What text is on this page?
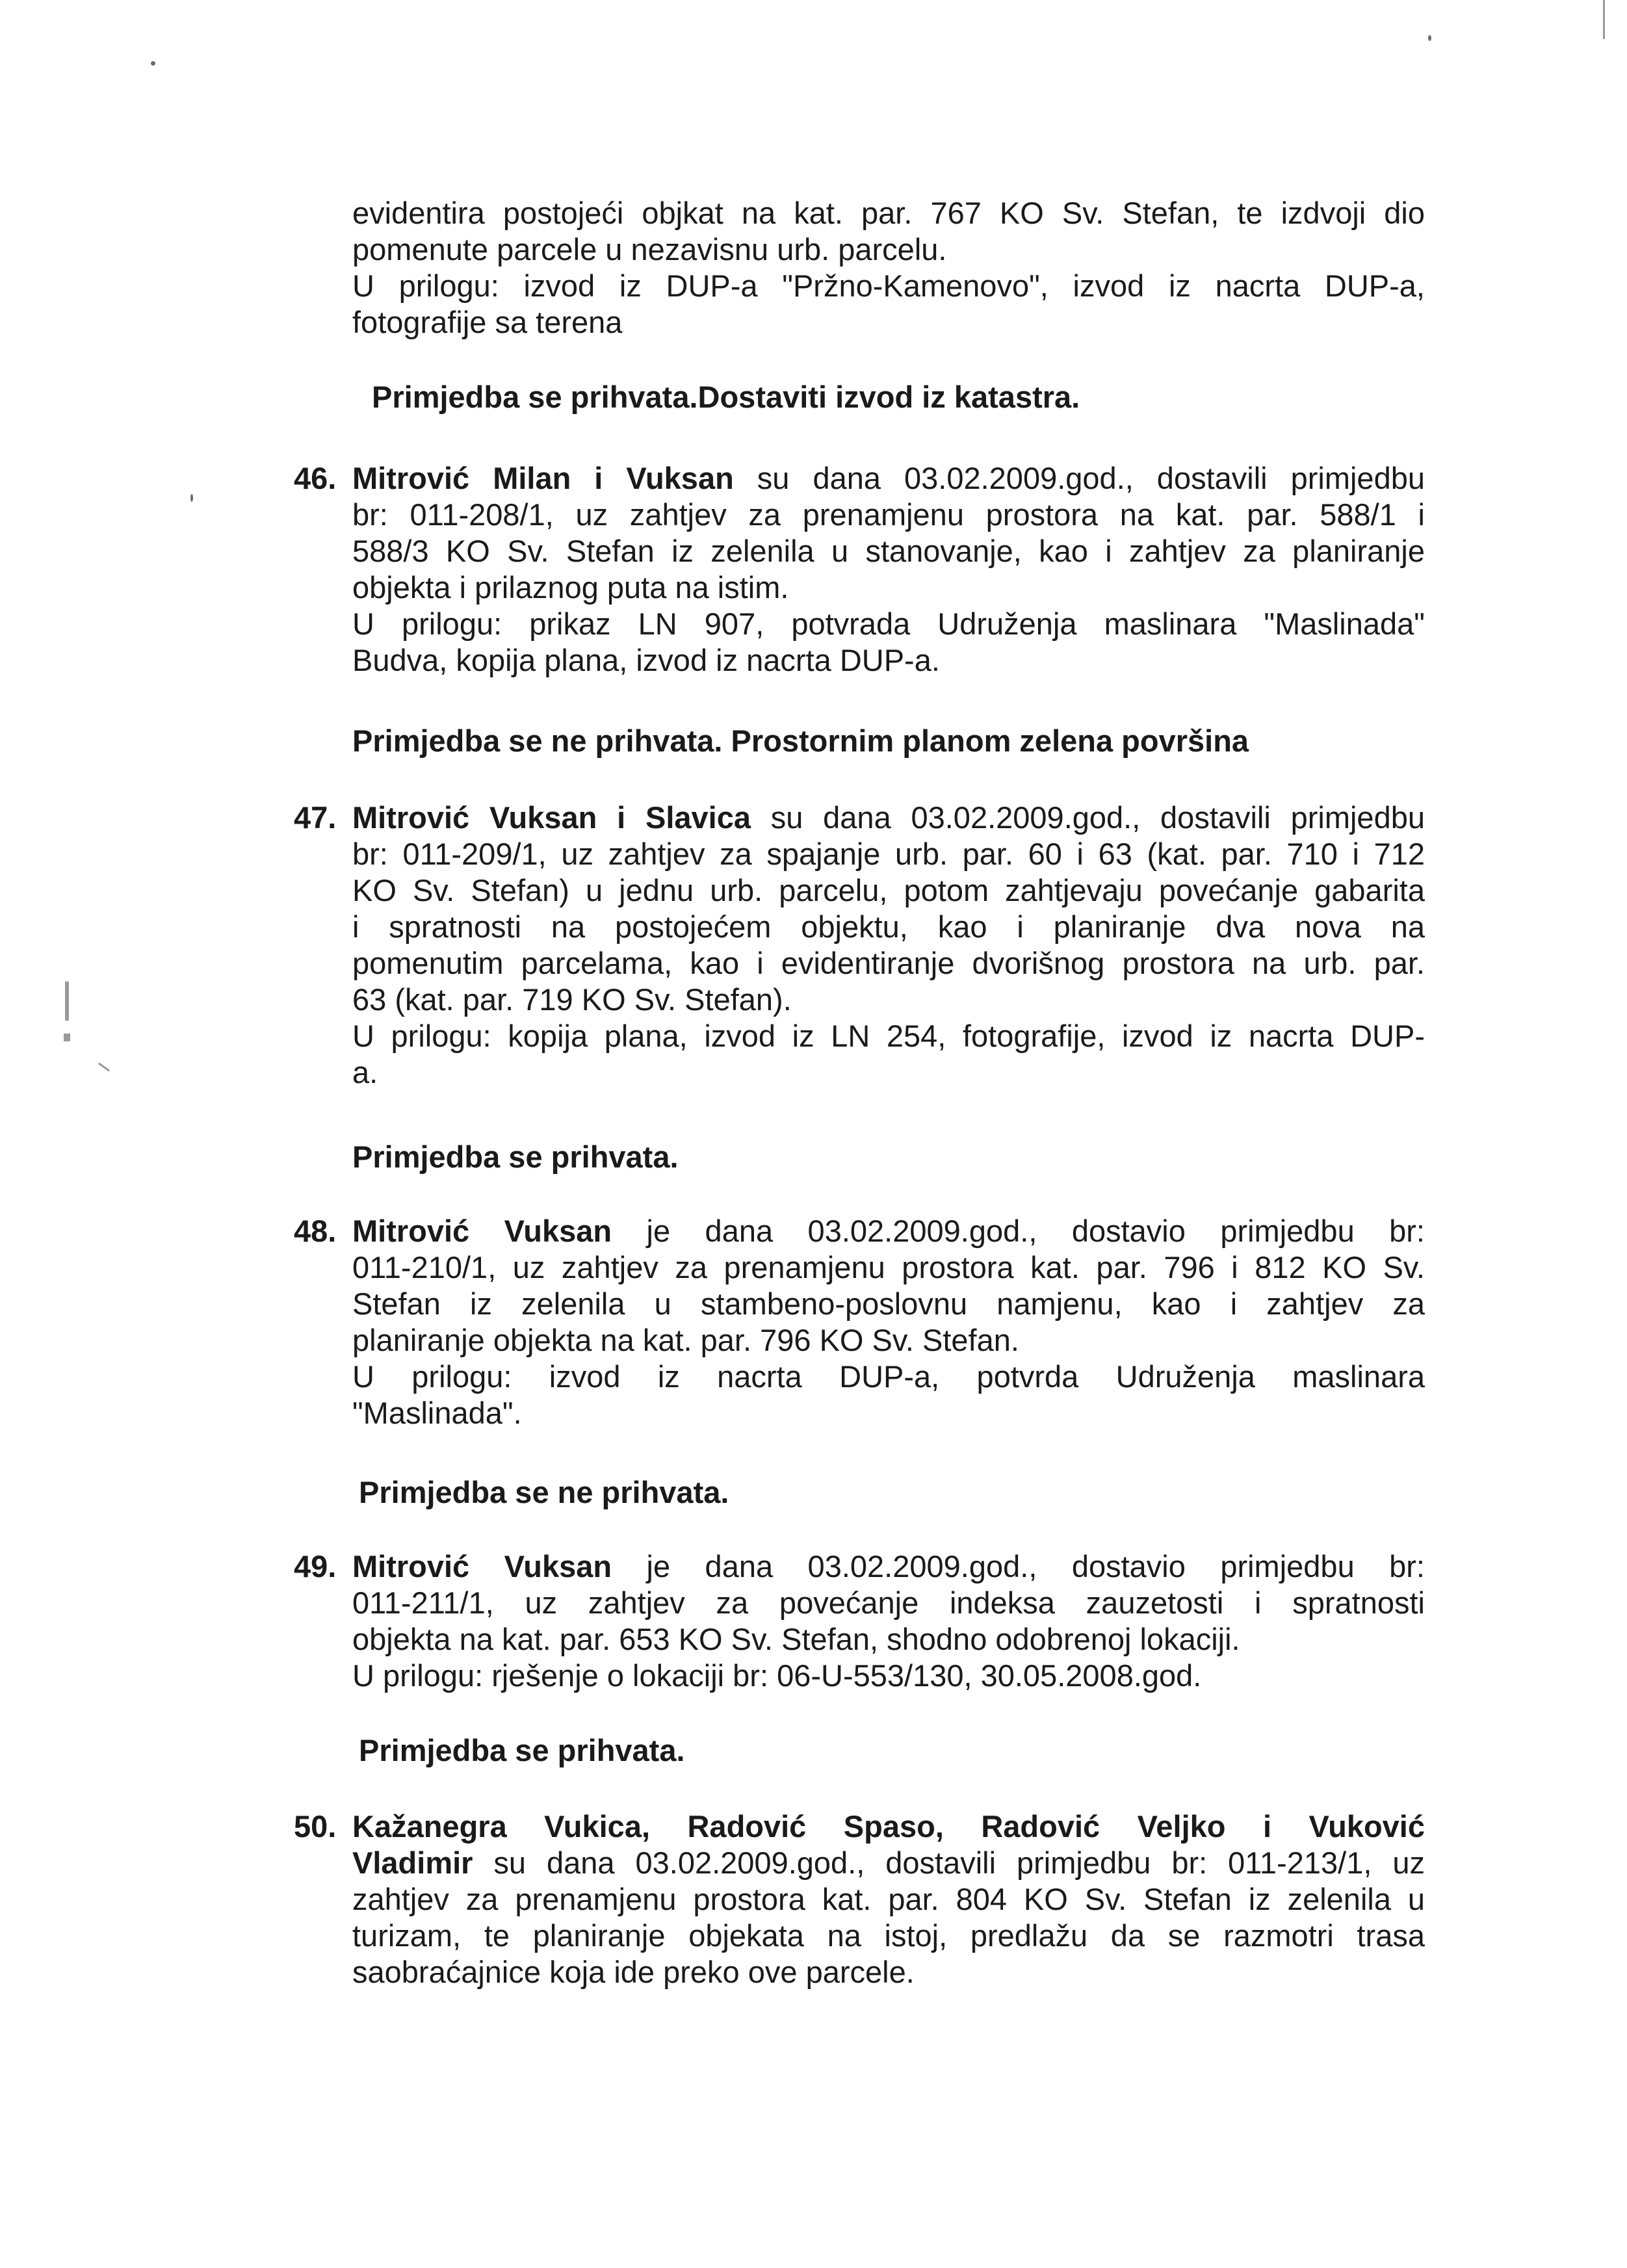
evidentira postojeći objkat na kat. par. 767 KO Sv. Stefan, te izdvoji dio
pomenute parcele u nezavisnu urb. parcelu.
U prilogu: izvod iz DUP-a "Pržno-Kamenovo", izvod iz nacrta DUP-a,
fotografije sa terena

Primjedba se prihvata.Dostaviti izvod iz katastra.

46. Mitrović Milan i Vuksan su dana 03.02.2009.god., dostavili primjedbu
br: 011-208/1, uz zahtjev za prenamjenu prostora na kat. par. 588/1 i
588/3 KO Sv. Stefan iz zelenila u stanovanje, kao i zahtjev za planiranje
objekta i prilaznog puta na istim.
U prilogu: prikaz LN 907, potvrada Udruženja maslinara "Maslinada"
Budva, kopija plana, izvod iz nacrta DUP-a.

Primjedba se ne prihvata. Prostornim planom zelena površina

47. Mitrović Vuksan i Slavica su dana 03.02.2009.god., dostavili primjedbu
br: 011-209/1, uz zahtjev za spajanje urb. par. 60 i 63 (kat. par. 710 i 712
KO Sv. Stefan) u jednu urb. parcelu, potom zahtjevaju povećanje gabarita
i spratnosti na postojećem objektu, kao i planiranje dva nova na
pomenutim parcelama, kao i evidentiranje dvorišnog prostora na urb. par.
63 (kat. par. 719 KO Sv. Stefan).
U prilogu: kopija plana, izvod iz LN 254, fotografije, izvod iz nacrta DUP-
a.

Primjedba se prihvata.

48. Mitrović Vuksan je dana 03.02.2009.god., dostavio primjedbu br:
011-210/1, uz zahtjev za prenamjenu prostora kat. par. 796 i 812 KO Sv.
Stefan iz zelenila u stambeno-poslovnu namjenu, kao i zahtjev za
planiranje objekta na kat. par. 796 KO Sv. Stefan.
U prilogu: izvod iz nacrta DUP-a, potvrda Udruženja maslinara
"Maslinada".

Primjedba se ne prihvata.

49. Mitrović Vuksan je dana 03.02.2009.god., dostavio primjedbu br:
011-211/1, uz zahtjev za povećanje indeksa zauzetosti i spratnosti
objekta na kat. par. 653 KO Sv. Stefan, shodno odobrenoj lokaciji.
U prilogu: rješenje o lokaciji br: 06-U-553/130, 30.05.2008.god.

Primjedba se prihvata.

50. Kažanegra Vukica, Radović Spaso, Radović Veljko i Vuković
Vladimir su dana 03.02.2009.god., dostavili primjedbu br: 011-213/1, uz
zahtjev za prenamjenu prostora kat. par. 804 KO Sv. Stefan iz zelenila u
turizam, te planiranje objekata na istoj, predlažu da se razmotri trasa
saobraćajnice koja ide preko ove parcele.
